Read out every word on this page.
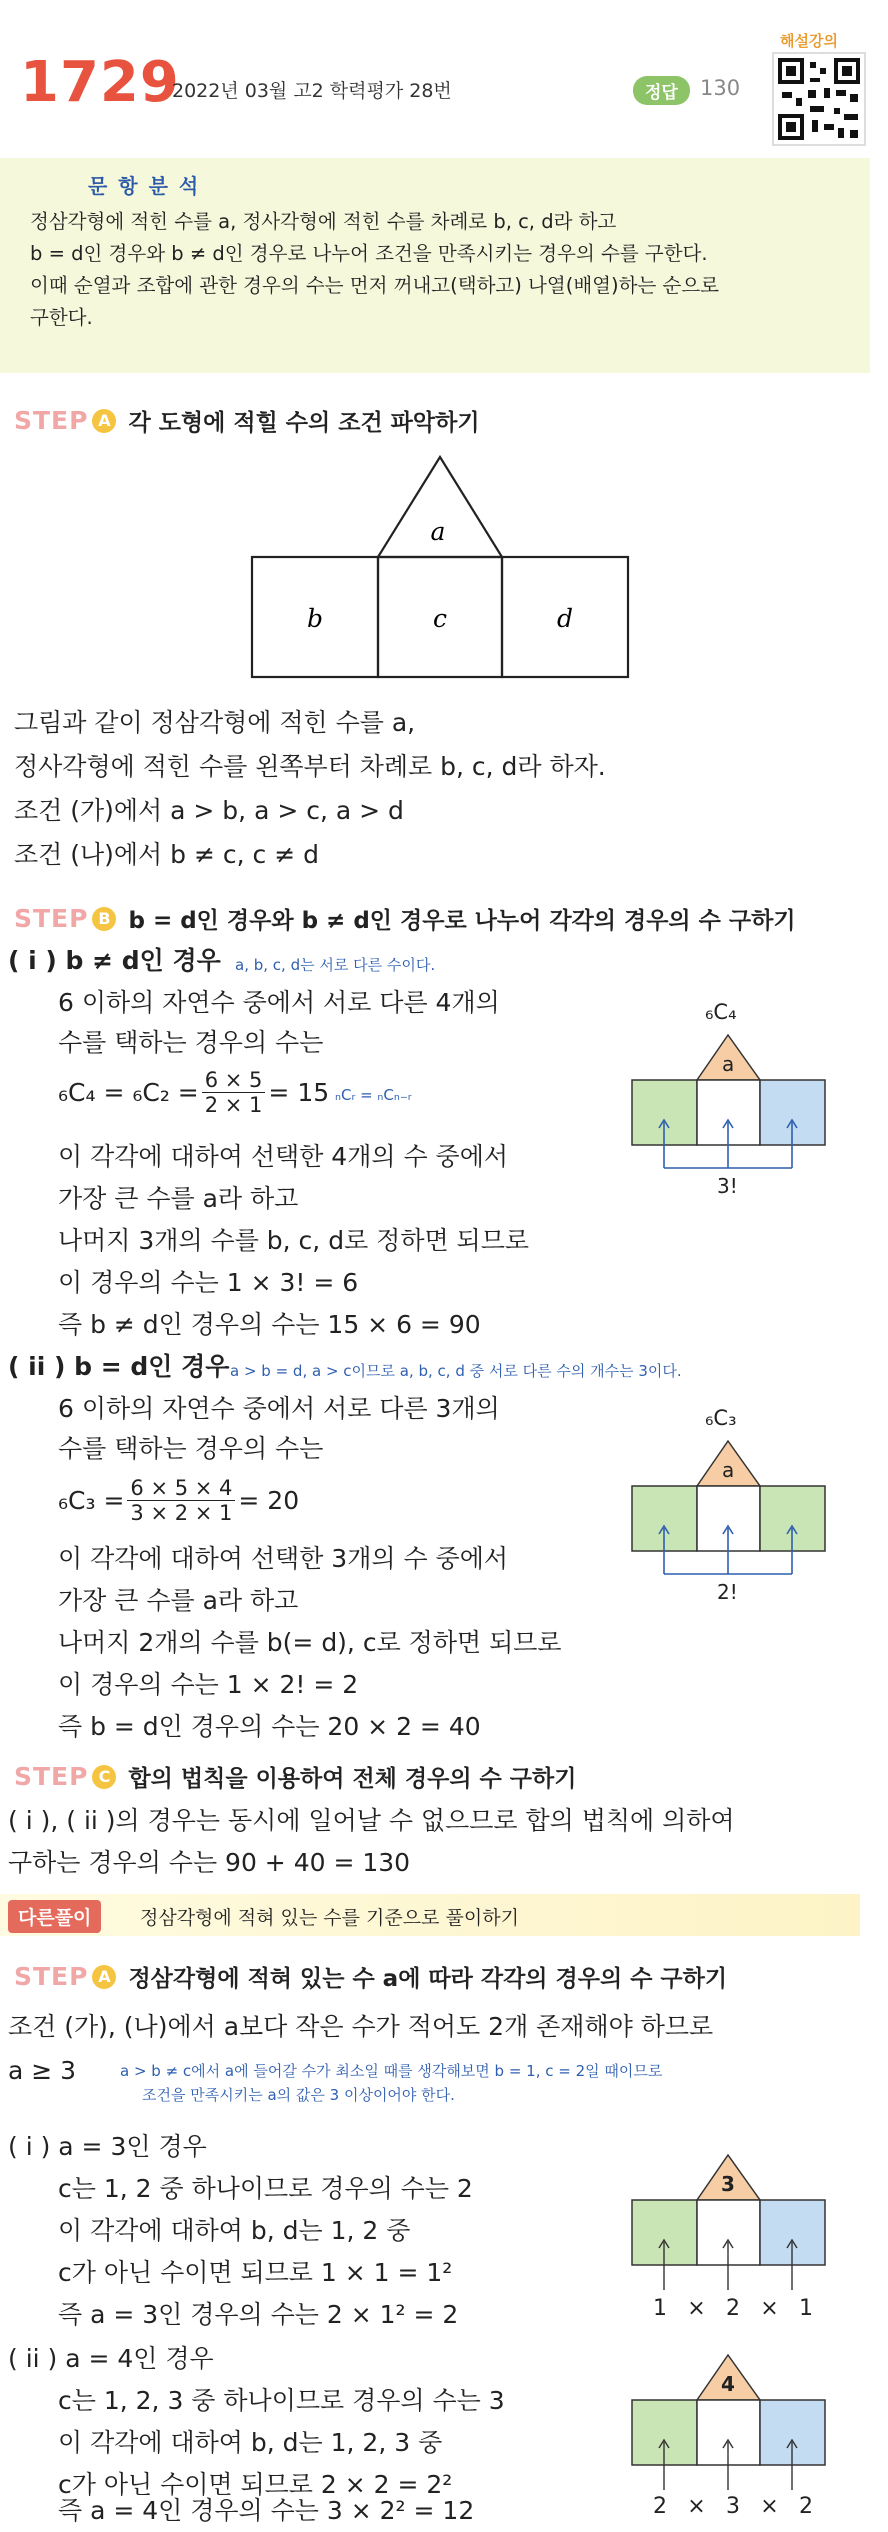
1729
2022년 03월 고2 학력평가 28번	정답	130
해설강의
문 항 분 석
정삼각형에 적힌 수를 a, 정사각형에 적힌 수를 차례로 b, c, d라 하고
b = d인 경우와 b ≠ d인 경우로 나누어 조건을 만족시키는 경우의 수를 구한다.
이때 순열과 조합에 관한 경우의 수는 먼저 꺼내고(택하고) 나열(배열)하는 순으로
구한다.
STEP A 각 도형에 적힐 수의 조건 파악하기
a
b	c	d
그림과 같이 정삼각형에 적힌 수를 a,
정사각형에 적힌 수를 왼쪽부터 차례로 b, c, d라 하자.
조건 (가)에서 a > b, a > c, a > d
조건 (나)에서 b ≠ c, c ≠ d
STEP B b = d인 경우와 b ≠ d인 경우로 나누어 각각의 경우의 수 구하기
( i ) b ≠ d인 경우 a, b, c, d는 서로 다른 수이다.
6 이하의 자연수 중에서 서로 다른 4개의
수를 택하는 경우의 수는
$_6C_4 = _6C_2 = \frac{6 \times 5}{2 \times 1} = 15$ ₙCᵣ = ₙCₙ₋ᵣ
이 각각에 대하여 선택한 4개의 수 중에서
가장 큰 수를 a라 하고
나머지 3개의 수를 b, c, d로 정하면 되므로
이 경우의 수는 1 × 3! = 6
즉 b ≠ d인 경우의 수는 15 × 6 = 90
₆C₄
a
3!
( ii ) b = d인 경우 a > b = d, a > c이므로 a, b, c, d 중 서로 다른 수의 개수는 3이다.
6 이하의 자연수 중에서 서로 다른 3개의
수를 택하는 경우의 수는
$_6C_3 = \frac{6 \times 5 \times 4}{3 \times 2 \times 1} = 20$
이 각각에 대하여 선택한 3개의 수 중에서
가장 큰 수를 a라 하고
나머지 2개의 수를 b(= d), c로 정하면 되므로
이 경우의 수는 1 × 2! = 2
즉 b = d인 경우의 수는 20 × 2 = 40
₆C₃
a
2!
STEP C 합의 법칙을 이용하여 전체 경우의 수 구하기
( i ), ( ii )의 경우는 동시에 일어날 수 없으므로 합의 법칙에 의하여
구하는 경우의 수는 90 + 40 = 130
다른풀이	정삼각형에 적혀 있는 수를 기준으로 풀이하기
STEP A 정삼각형에 적혀 있는 수 a에 따라 각각의 경우의 수 구하기
조건 (가), (나)에서 a보다 작은 수가 적어도 2개 존재해야 하므로
a ≥ 3	a > b ≠ c에서 a에 들어갈 수가 최소일 때를 생각해보면 b = 1, c = 2일 때이므로
조건을 만족시키는 a의 값은 3 이상이어야 한다.
( i ) a = 3인 경우
c는 1, 2 중 하나이므로 경우의 수는 2
이 각각에 대하여 b, d는 1, 2 중
c가 아닌 수이면 되므로 1 × 1 = 1²
즉 a = 3인 경우의 수는 2 × 1² = 2
3
1 × 2 × 1
( ii ) a = 4인 경우
c는 1, 2, 3 중 하나이므로 경우의 수는 3
이 각각에 대하여 b, d는 1, 2, 3 중
c가 아닌 수이면 되므로 2 × 2 = 2²
즉 a = 4인 경우의 수는 3 × 2² = 12
4
2 × 3 × 2
